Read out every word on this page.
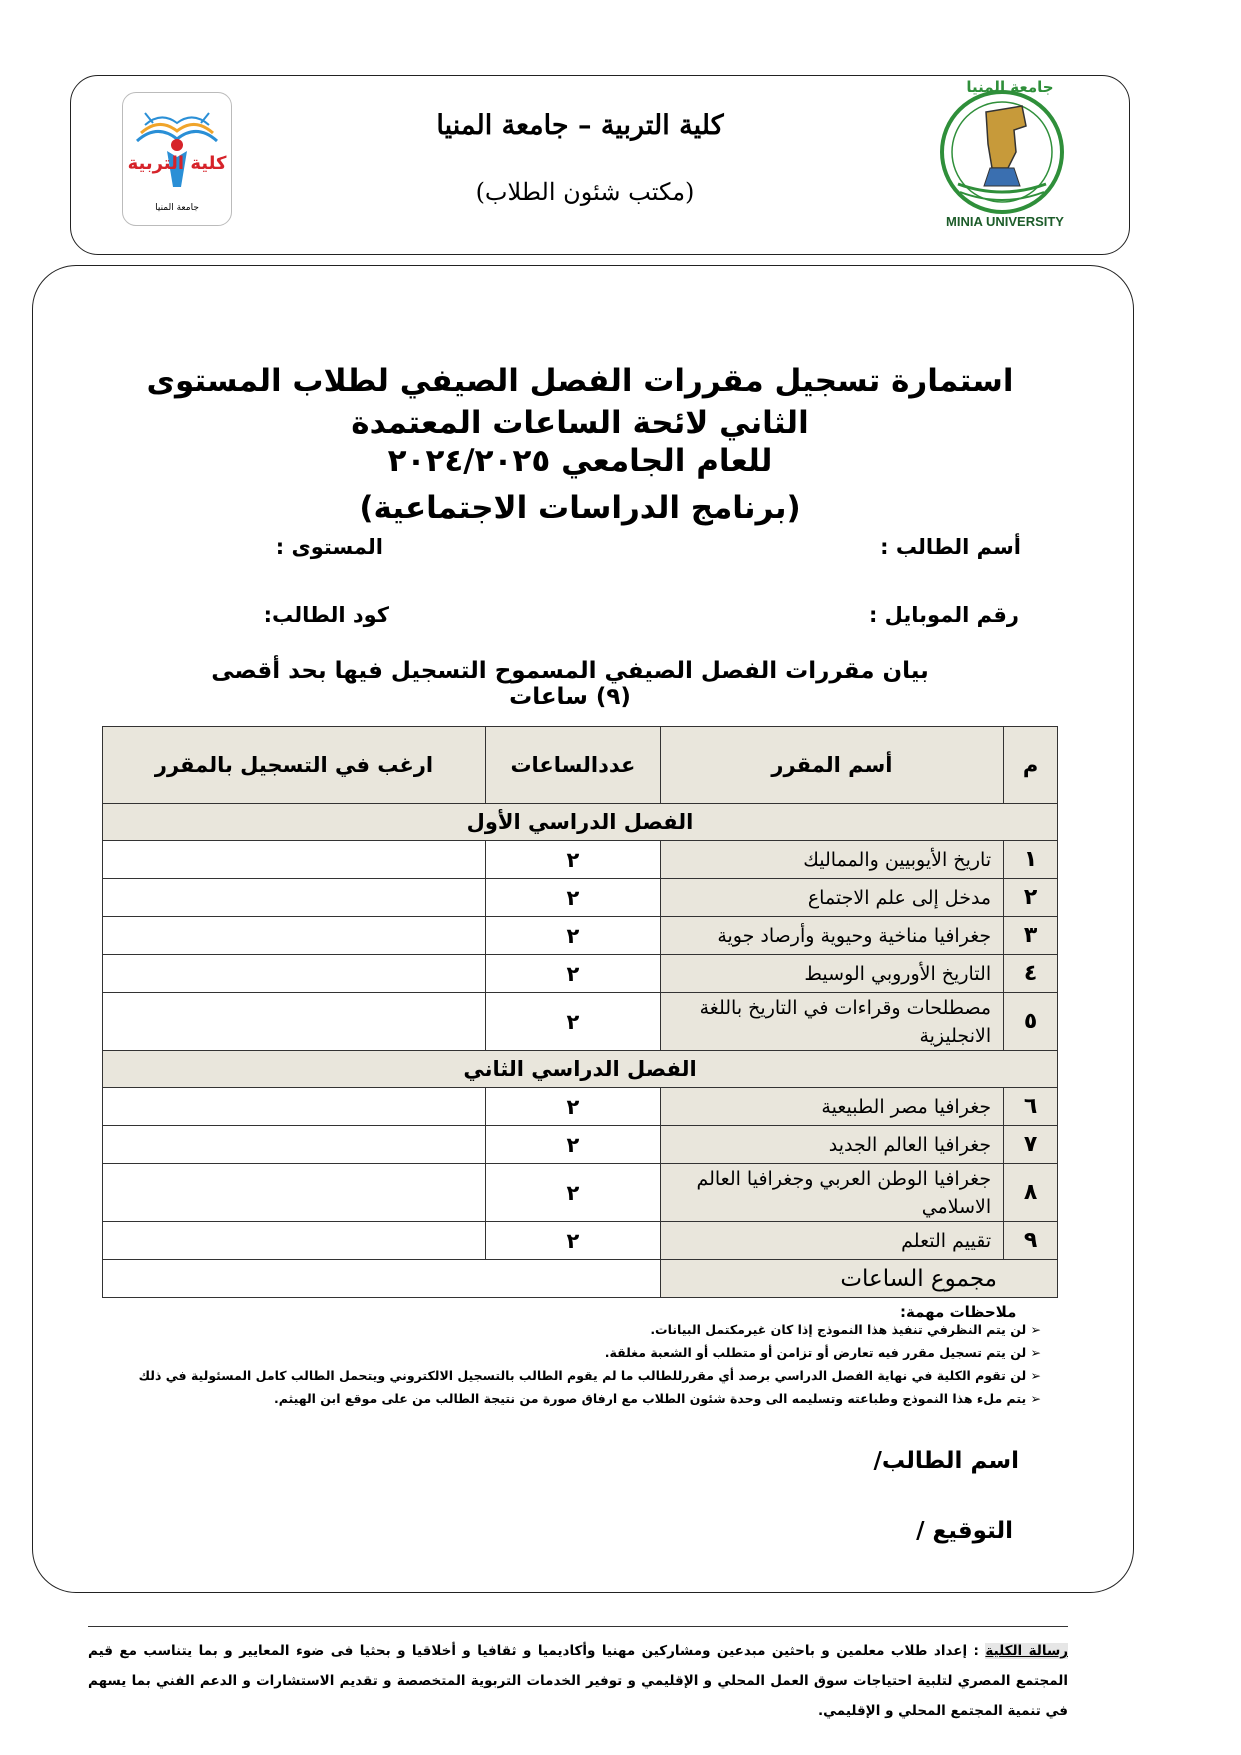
كلية التربية
جامعة المنيا
كلية التربية – جامعة المنيا
(مكتب شئون الطلاب)
MINIA UNIVERSITY
جامعة المنيا
استمارة تسجيل مقررات الفصل الصيفي لطلاب المستوى الثاني لائحة الساعات المعتمدة
للعام الجامعي ٢٠٢٤/٢٠٢٥
(برنامج الدراسات الاجتماعية)
أسم الطالب :
المستوى :
رقم الموبايل :
كود الطالب:
بيان مقررات الفصل الصيفي المسموح التسجيل فيها بحد أقصى (٩) ساعات
م	أسم المقرر	عددالساعات	ارغب في التسجيل بالمقرر
الفصل الدراسي الأول			
١	تاريخ الأيوبيين والمماليك	٢	
٢	مدخل إلى علم الاجتماع	٢	
٣	جغرافيا مناخية وحيوية وأرصاد جوية	٢	
٤	التاريخ الأوروبي الوسيط	٢	
٥	مصطلحات وقراءات في التاريخ باللغة الانجليزية	٢	
الفصل الدراسي الثاني			
٦	جغرافيا مصر الطبيعية	٢	
٧	جغرافيا العالم الجديد	٢	
٨	جغرافيا الوطن العربي وجغرافيا العالم الاسلامي	٢	
٩	تقييم التعلم	٢	
مجموع الساعات			
ملاحظات مهمة:
➢ لن يتم النظرفي تنفيذ هذا النموذج إذا كان غيرمكتمل البيانات.
➢ لن يتم تسجيل مقرر فيه تعارض أو تزامن أو متطلب أو الشعبة مغلقة.
➢ لن تقوم الكلية في نهاية الفصل الدراسي برصد أي مقررللطالب ما لم يقوم الطالب بالتسجيل الالكتروني ويتحمل الطالب كامل المسئولية في ذلك
➢ يتم ملء هذا النموذج وطباعته وتسليمه الى وحدة شئون الطلاب مع ارفاق صورة من نتيجة الطالب من على موقع ابن الهيثم.
اسم الطالب/
التوقيع /
رسالة الكلية : إعداد طلاب معلمين و باحثين مبدعين ومشاركين مهنيا وأكاديميا و ثقافيا و أخلاقيا و بحثيا فى ضوء المعايير و بما يتناسب مع قيم المجتمع المصري لتلبية احتياجات سوق العمل المحلي و الإقليمي و توفير الخدمات التربوية المتخصصة و تقديم الاستشارات و الدعم الفني بما يسهم في تنمية المجتمع المحلي و الإقليمي.
